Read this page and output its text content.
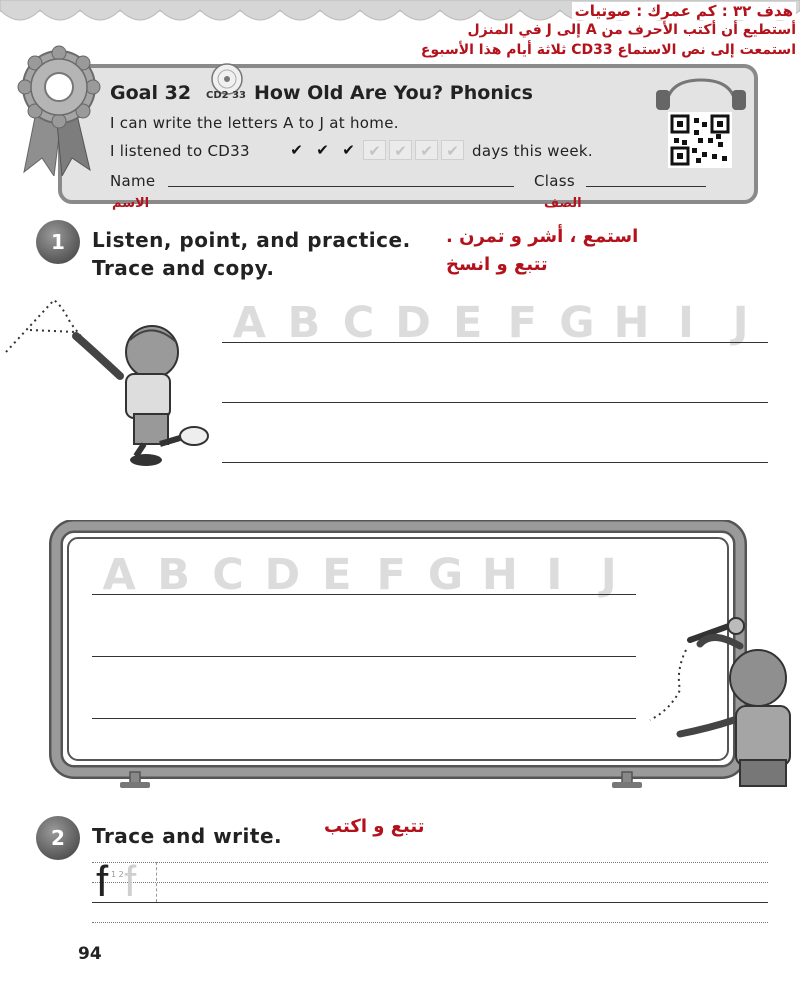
هدف ٣٢ : كم عمرك : صوتيات
أستطيع أن أكتب الأحرف من A إلى J في المنزل
استمعت إلى نص الاستماع CD33 ثلاثة أيام هذا الأسبوع
Goal 32 CD2 33 How Old Are You? Phonics
I can write the letters A to J at home.
I listened to CD33	✔ ✔ ✔ ✔ ✔ ✔ ✔ days this week.
Name	Class
الاسم	الصف
1	Listen, point, and practice.
Trace and copy.
استمع ، أشر و تمرن .
تتبع و انسخ
A B C D E F G H I J
A B C D E F G H I J
2	Trace and write. تتبع و اكتب
f 1 2 f
94
